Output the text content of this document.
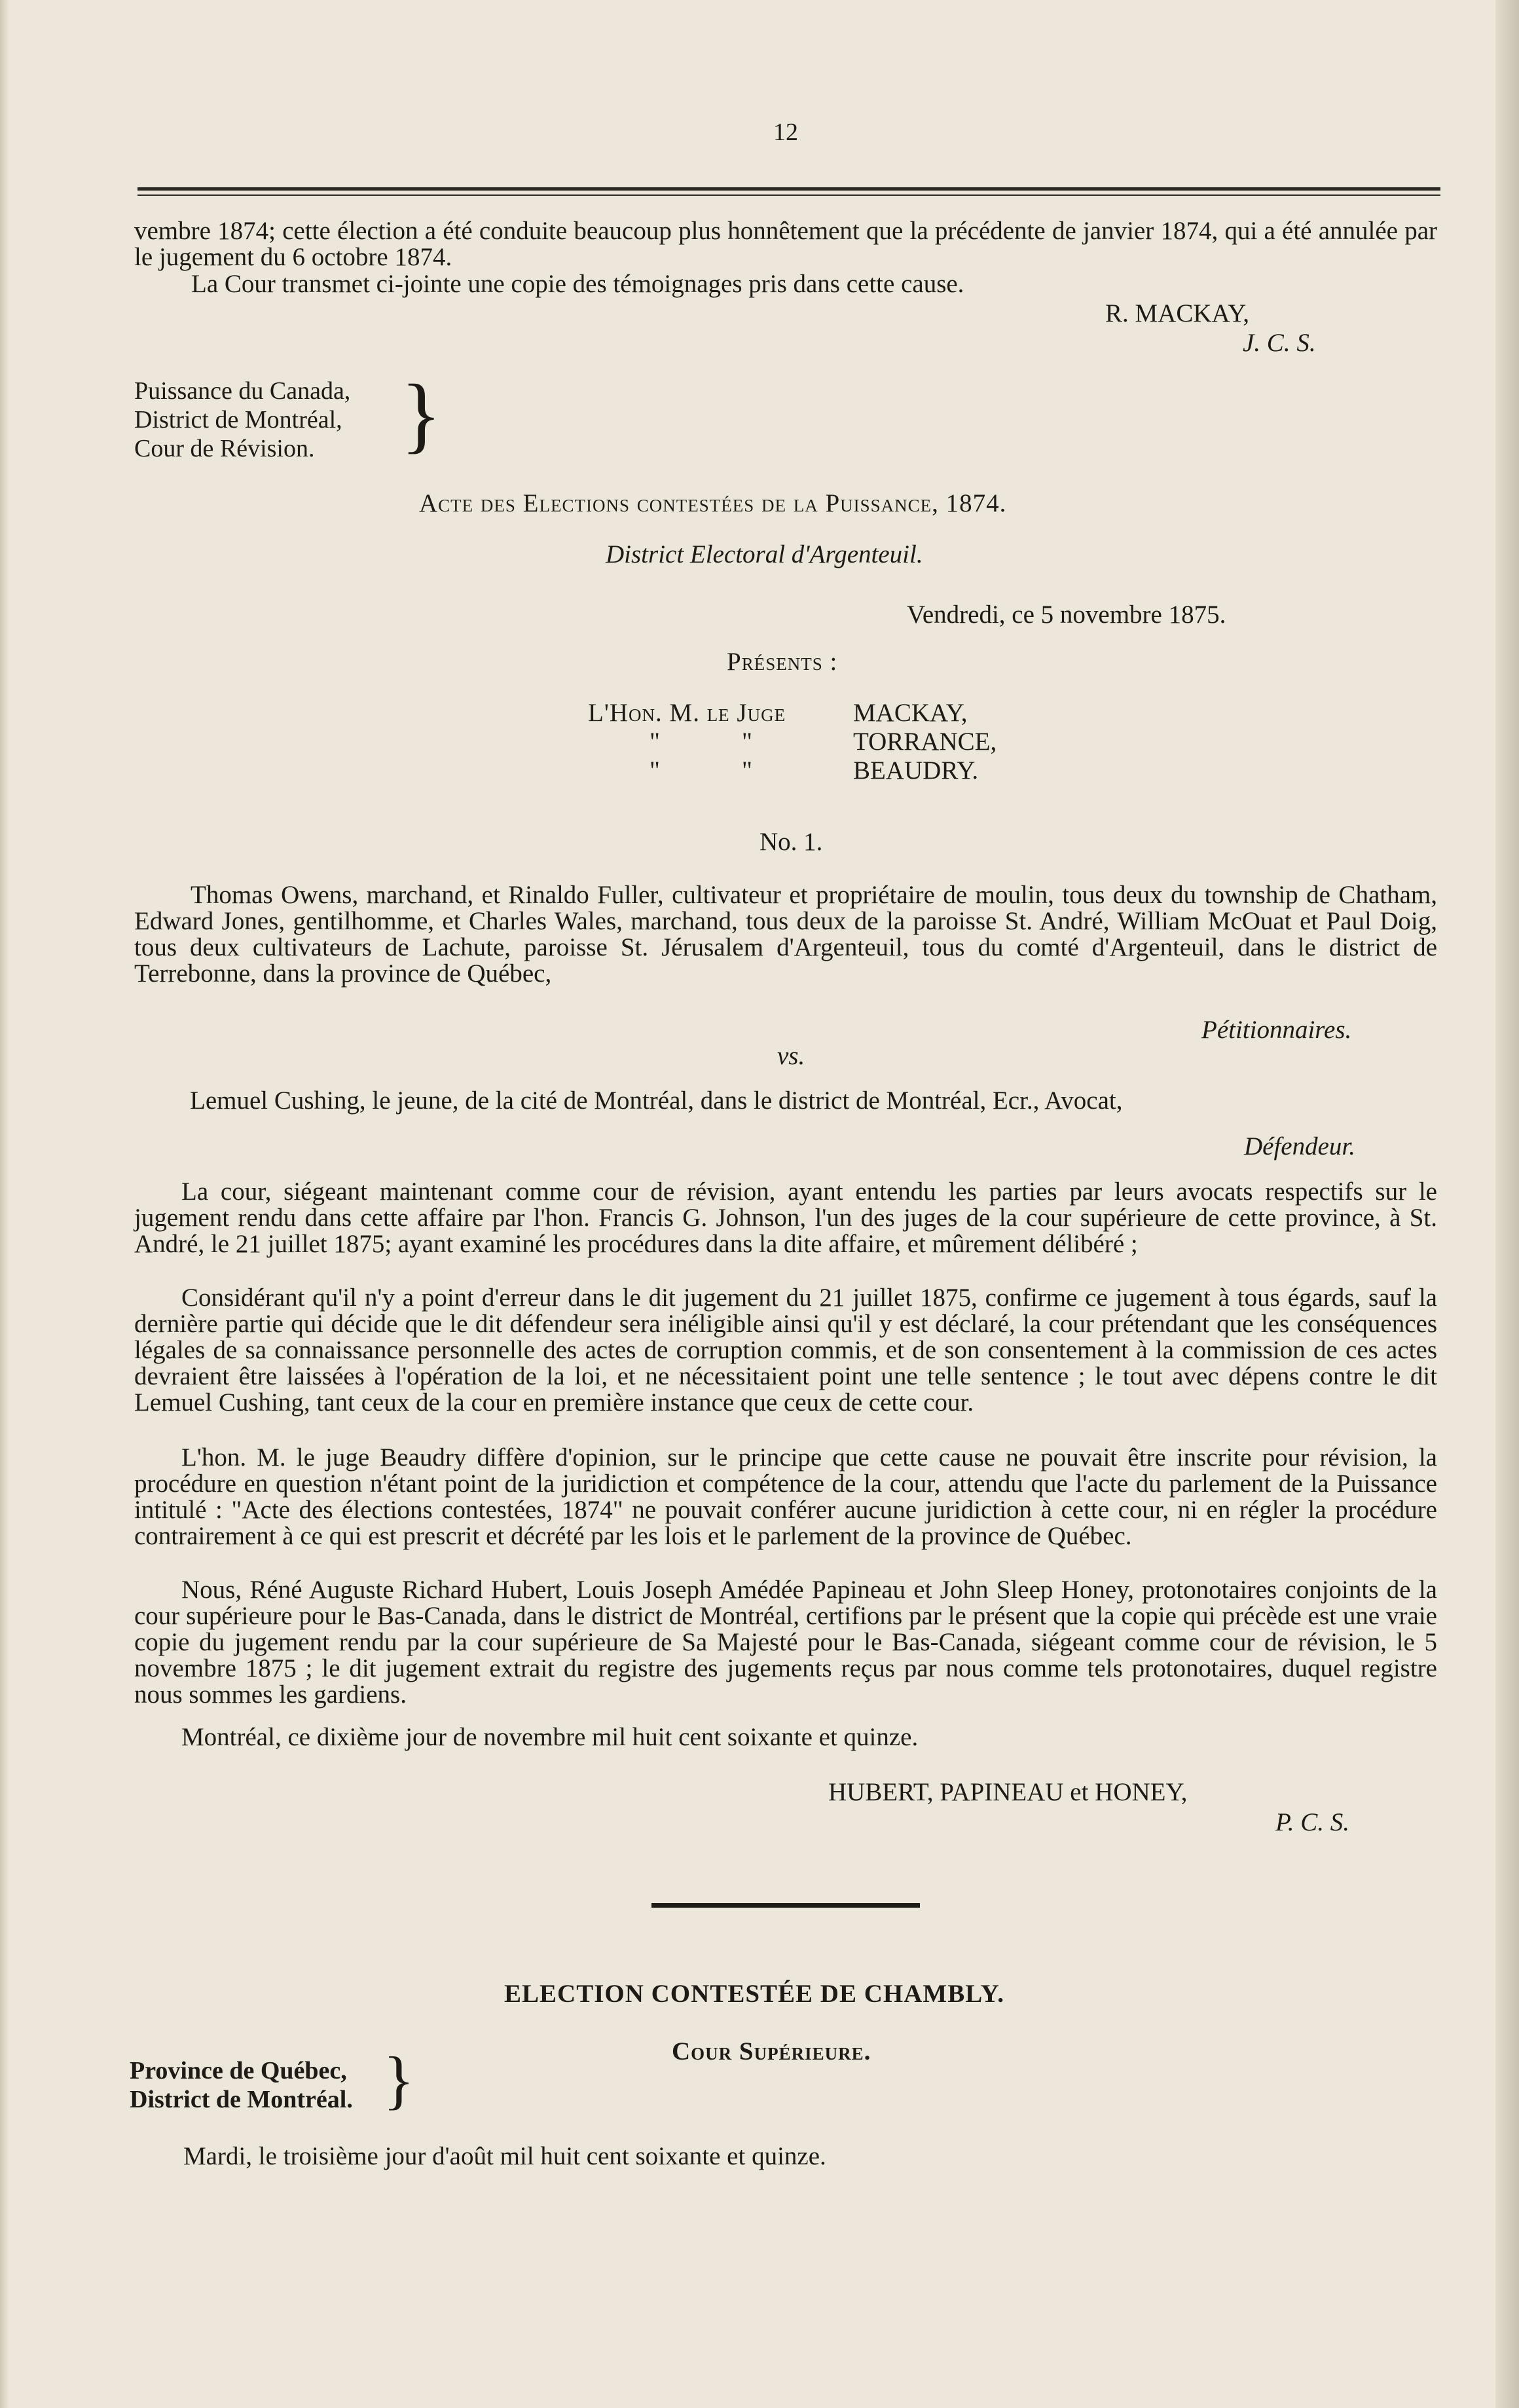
12
vembre 1874; cette élection a été conduite beaucoup plus honnêtement que la précédente de janvier 1874, qui a été annulée par le jugement du 6 octobre 1874.
La Cour transmet ci-jointe une copie des témoignages pris dans cette cause.
R. MACKAY,
J. C. S.
Puissance du Canada,
District de Montréal,
Cour de Révision.	}
Acte des Elections contestées de la Puissance, 1874.
District Electoral d'Argenteuil.
Vendredi, ce 5 novembre 1875.
Présents :
L'Hon. M. le Juge	MACKAY,
"	"	TORRANCE,
"	"	BEAUDRY.
No. 1.
Thomas Owens, marchand, et Rinaldo Fuller, cultivateur et propriétaire de moulin, tous deux du township de Chatham, Edward Jones, gentilhomme, et Charles Wales, marchand, tous deux de la paroisse St. André, William McOuat et Paul Doig, tous deux cultivateurs de Lachute, paroisse St. Jérusalem d'Argenteuil, tous du comté d'Argenteuil, dans le district de Terrebonne, dans la province de Québec,
Pétitionnaires.
vs.
Lemuel Cushing, le jeune, de la cité de Montréal, dans le district de Montréal, Ecr., Avocat,
Défendeur.
La cour, siégeant maintenant comme cour de révision, ayant entendu les parties par leurs avocats respectifs sur le jugement rendu dans cette affaire par l'hon. Francis G. Johnson, l'un des juges de la cour supérieure de cette province, à St. André, le 21 juillet 1875; ayant examiné les procédures dans la dite affaire, et mûrement délibéré ;
Considérant qu'il n'y a point d'erreur dans le dit jugement du 21 juillet 1875, confirme ce jugement à tous égards, sauf la dernière partie qui décide que le dit défendeur sera inéligible ainsi qu'il y est déclaré, la cour prétendant que les conséquences légales de sa connaissance personnelle des actes de corruption commis, et de son consentement à la commission de ces actes devraient être laissées à l'opération de la loi, et ne nécessitaient point une telle sentence ; le tout avec dépens contre le dit Lemuel Cushing, tant ceux de la cour en première instance que ceux de cette cour.
L'hon. M. le juge Beaudry diffère d'opinion, sur le principe que cette cause ne pouvait être inscrite pour révision, la procédure en question n'étant point de la juridiction et compétence de la cour, attendu que l'acte du parlement de la Puissance intitulé : "Acte des élections contestées, 1874" ne pouvait conférer aucune juridiction à cette cour, ni en régler la procédure contrairement à ce qui est prescrit et décrété par les lois et le parlement de la province de Québec.
Nous, Réné Auguste Richard Hubert, Louis Joseph Amédée Papineau et John Sleep Honey, protonotaires conjoints de la cour supérieure pour le Bas-Canada, dans le district de Montréal, certifions par le présent que la copie qui précède est une vraie copie du jugement rendu par la cour supérieure de Sa Majesté pour le Bas-Canada, siégeant comme cour de révision, le 5 novembre 1875 ; le dit jugement extrait du registre des jugements reçus par nous comme tels protonotaires, duquel registre nous sommes les gardiens.
Montréal, ce dixième jour de novembre mil huit cent soixante et quinze.
HUBERT, PAPINEAU et HONEY,
P. C. S.
ELECTION CONTESTÉE DE CHAMBLY.
Cour Supérieure.
Province de Québec,
District de Montréal. }
Mardi, le troisième jour d'août mil huit cent soixante et quinze.
